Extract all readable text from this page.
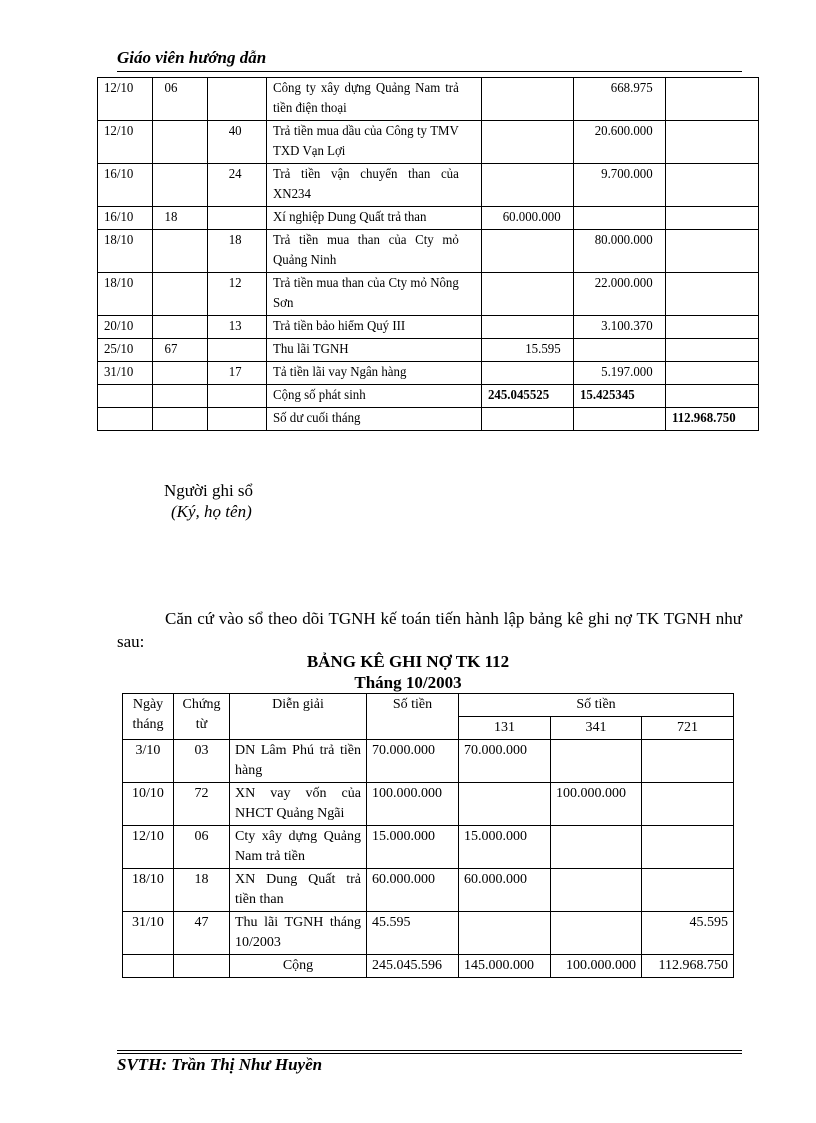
Giáo viên hướng dẫn
12/10	06		Công ty xây dựng Quảng Nam trả tiền điện thoại		668.975	
12/10		40	Trả tiền mua dầu của Công ty TMV TXD Vạn Lợi		20.600.000	
16/10		24	Trả tiền vận chuyển than của XN234		9.700.000	
16/10	18		Xí nghiệp Dung Quất trả than	60.000.000		
18/10		18	Trả tiền mua than của Cty mỏ Quảng Ninh		80.000.000	
18/10		12	Trả tiền mua than của Cty mỏ Nông Sơn		22.000.000	
20/10		13	Trả tiền bảo hiểm Quý III		3.100.370	
25/10	67		Thu lãi TGNH	15.595		
31/10		17	Tả tiền lãi vay Ngân hàng		5.197.000	
			Cộng số phát sinh	245.045525	15.425345	
			Số dư cuối tháng			112.968.750
Người ghi sổ
(Ký, họ tên)
Căn cứ vào sổ theo dõi TGNH kế toán tiến hành lập bảng kê ghi nợ TK TGNH như sau:
BẢNG KÊ GHI NỢ TK 112
Tháng 10/2003
Ngày tháng	Chứng từ	Diễn giải	Số tiền	Số tiền		
				131	341	721
3/10	03	DN Lâm Phú trả tiền hàng	70.000.000	70.000.000		
10/10	72	XN vay vốn của NHCT Quảng Ngãi	100.000.000		100.000.000	
12/10	06	Cty xây dựng Quảng Nam trả tiền	15.000.000	15.000.000		
18/10	18	XN Dung Quất trả tiền than	60.000.000	60.000.000		
31/10	47	Thu lãi TGNH tháng 10/2003	45.595			45.595
		Cộng	245.045.596	145.000.000	100.000.000	112.968.750
SVTH: Trần Thị Như Huyền
